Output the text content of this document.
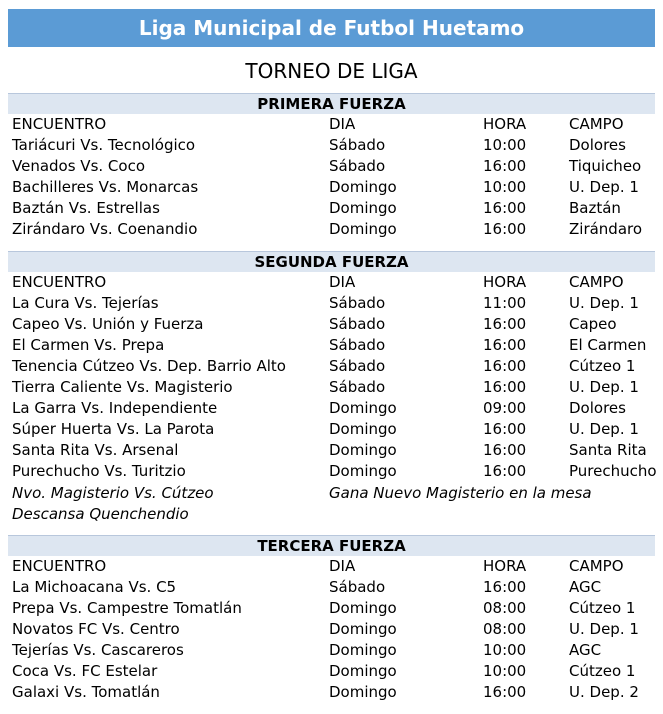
Liga Municipal de Futbol Huetamo
TORNEO DE LIGA
PRIMERA FUERZA
ENCUENTRO	DIA	HORA	CAMPO
Tariácuri Vs. Tecnológico	Sábado	10:00	Dolores
Venados Vs. Coco	Sábado	16:00	Tiquicheo
Bachilleres Vs. Monarcas	Domingo	10:00	U. Dep. 1
Baztán Vs. Estrellas	Domingo	16:00	Baztán
Zirándaro Vs. Coenandio	Domingo	16:00	Zirándaro
SEGUNDA FUERZA
ENCUENTRO	DIA	HORA	CAMPO
La Cura Vs. Tejerías	Sábado	11:00	U. Dep. 1
Capeo Vs. Unión y Fuerza	Sábado	16:00	Capeo
El Carmen Vs. Prepa	Sábado	16:00	El Carmen
Tenencia Cútzeo Vs. Dep. Barrio Alto	Sábado	16:00	Cútzeo 1
Tierra Caliente Vs. Magisterio	Sábado	16:00	U. Dep. 1
La Garra Vs. Independiente	Domingo	09:00	Dolores
Súper Huerta Vs. La Parota	Domingo	16:00	U. Dep. 1
Santa Rita Vs. Arsenal	Domingo	16:00	Santa Rita
Purechucho Vs. Turitzio	Domingo	16:00	Purechucho
Nvo. Magisterio Vs. Cútzeo	Gana Nuevo Magisterio en la mesa
Descansa Quenchendio
TERCERA FUERZA
ENCUENTRO	DIA	HORA	CAMPO
La Michoacana Vs. C5	Sábado	16:00	AGC
Prepa Vs. Campestre Tomatlán	Domingo	08:00	Cútzeo 1
Novatos FC Vs. Centro	Domingo	08:00	U. Dep. 1
Tejerías Vs. Cascareros	Domingo	10:00	AGC
Coca Vs. FC Estelar	Domingo	10:00	Cútzeo 1
Galaxi Vs. Tomatlán	Domingo	16:00	U. Dep. 2
